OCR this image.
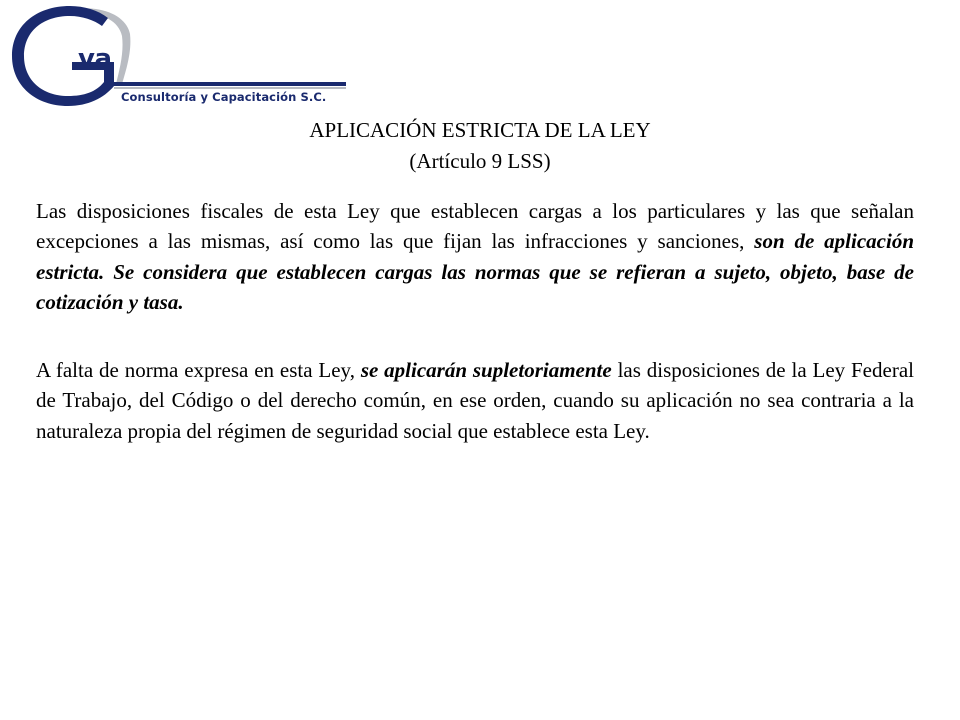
va
Consultoría y Capacitación S.C.
APLICACIÓN ESTRICTA DE LA LEY
(Artículo 9 LSS)

Las disposiciones fiscales de esta Ley que establecen cargas a los particulares y las que señalan excepciones a las mismas, así como las que fijan las infracciones y sanciones, son de aplicación estricta. Se considera que establecen cargas las normas que se refieran a sujeto, objeto, base de cotización y tasa.

A falta de norma expresa en esta Ley, se aplicarán supletoriamente las disposiciones de la Ley Federal de Trabajo, del Código o del derecho común, en ese orden, cuando su aplicación no sea contraria a la naturaleza propia del régimen de seguridad social que establece esta Ley.
